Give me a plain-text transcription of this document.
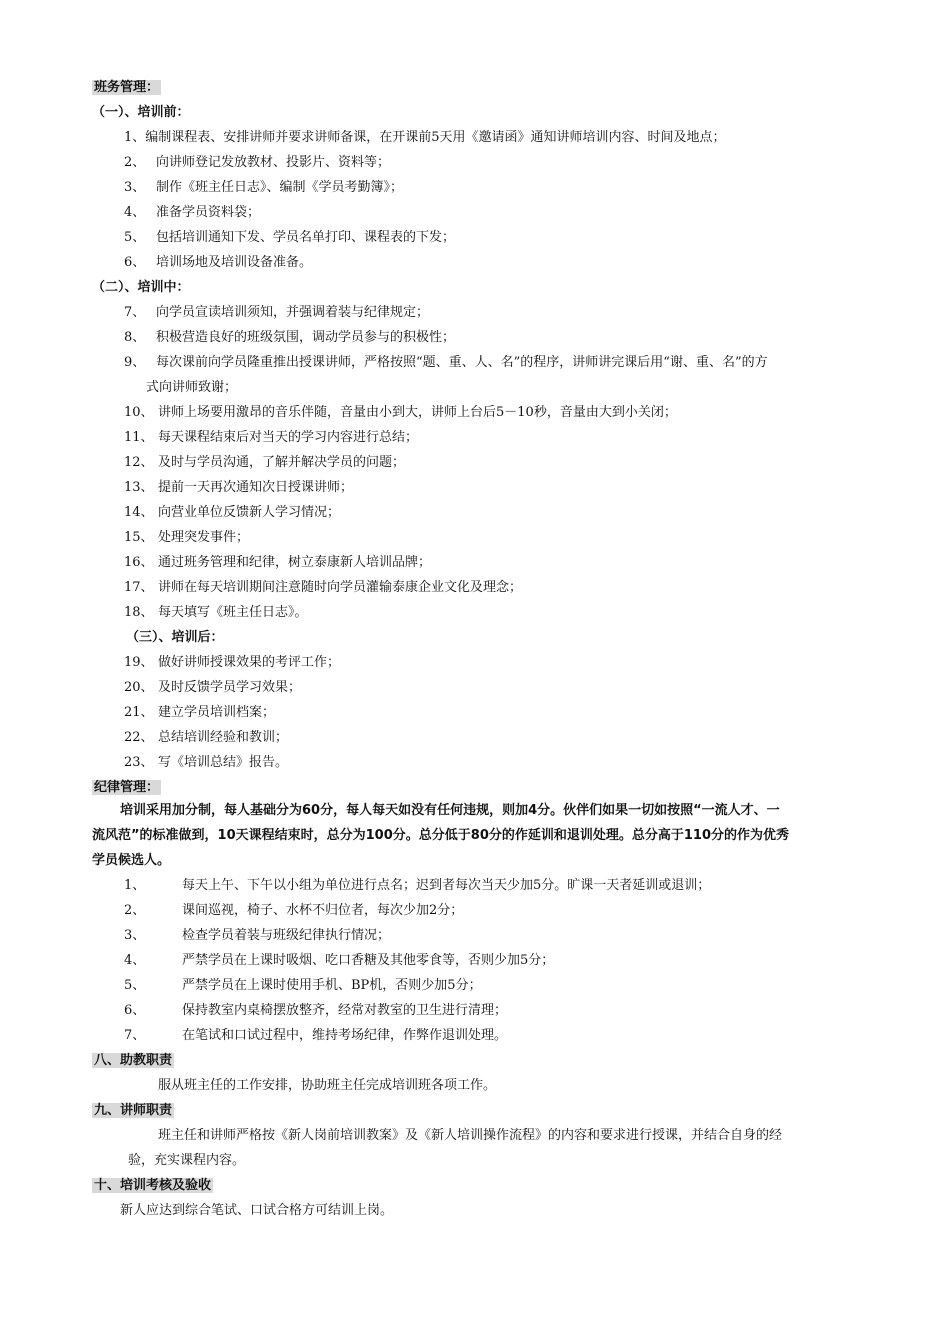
班务管理：
（一）、培训前：
1、编制课程表、安排讲师并要求讲师备课，在开课前5天用《邀请函》通知讲师培训内容、时间及地点；
2、 向讲师登记发放教材、投影片、资料等；
3、 制作《班主任日志》、编制《学员考勤簿》；
4、 准备学员资料袋；
5、 包括培训通知下发、学员名单打印、课程表的下发；
6、 培训场地及培训设备准备。
（二）、培训中：
7、 向学员宣读培训须知，并强调着装与纪律规定；
8、 积极营造良好的班级氛围，调动学员参与的积极性；
9、 每次课前向学员隆重推出授课讲师，严格按照“题、重、人、名”的程序，讲师讲完课后用“谢、重、名”的方
式向讲师致谢；
10、 讲师上场要用激昂的音乐伴随，音量由小到大，讲师上台后5－10秒，音量由大到小关闭；
11、 每天课程结束后对当天的学习内容进行总结；
12、 及时与学员沟通，了解并解决学员的问题；
13、 提前一天再次通知次日授课讲师；
14、 向营业单位反馈新人学习情况；
15、 处理突发事件；
16、 通过班务管理和纪律，树立泰康新人培训品牌；
17、 讲师在每天培训期间注意随时向学员灌输泰康企业文化及理念；
18、 每天填写《班主任日志》。
（三）、培训后：
19、 做好讲师授课效果的考评工作；
20、 及时反馈学员学习效果；
21、 建立学员培训档案；
22、 总结培训经验和教训；
23、 写《培训总结》报告。
纪律管理：
培训采用加分制，每人基础分为60分，每人每天如没有任何违规，则加4分。伙伴们如果一切如按照“一流人才、一
流风范”的标准做到，10天课程结束时，总分为100分。总分低于80分的作延训和退训处理。总分高于110分的作为优秀
学员候选人。
1、	每天上午、下午以小组为单位进行点名；迟到者每次当天少加5分。旷课一天者延训或退训；
2、	课间巡视，椅子、水杯不归位者，每次少加2分；
3、	检查学员着装与班级纪律执行情况；
4、	严禁学员在上课时吸烟、吃口香糖及其他零食等，否则少加5分；
5、	严禁学员在上课时使用手机、BP机，否则少加5分；
6、	保持教室内桌椅摆放整齐，经常对教室的卫生进行清理；
7、	在笔试和口试过程中，维持考场纪律，作弊作退训处理。
八、助教职责
服从班主任的工作安排，协助班主任完成培训班各项工作。
九、讲师职责
班主任和讲师严格按《新人岗前培训教案》及《新人培训操作流程》的内容和要求进行授课，并结合自身的经
验，充实课程内容。
十、培训考核及验收
新人应达到综合笔试、口试合格方可结训上岗。
